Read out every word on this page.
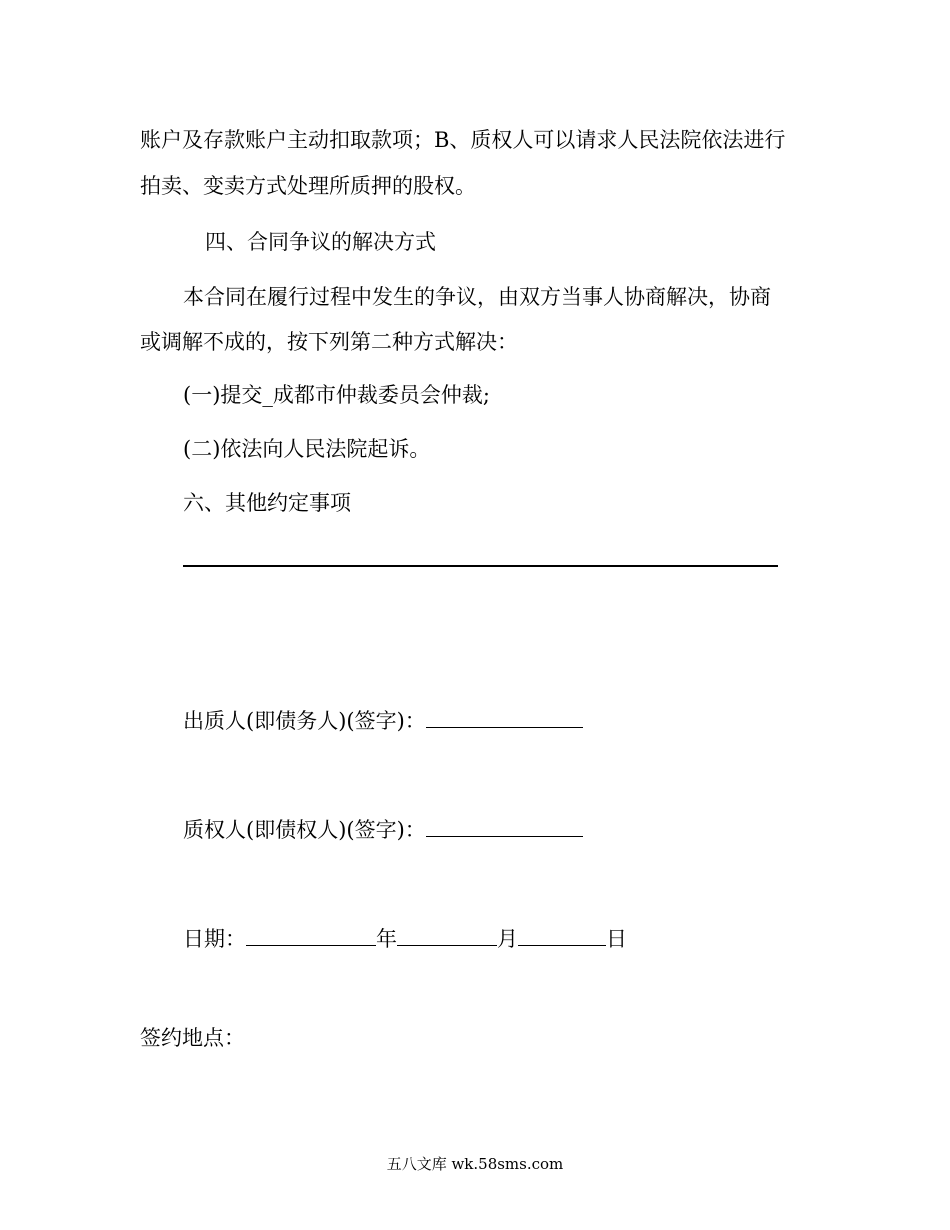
账户及存款账户主动扣取款项；B、质权人可以请求人民法院依法进行
拍卖、变卖方式处理所质押的股权。
四、合同争议的解决方式
本合同在履行过程中发生的争议，由双方当事人协商解决，协商
或调解不成的，按下列第二种方式解决：
(一)提交_成都市仲裁委员会仲裁;
(二)依法向人民法院起诉。
六、其他约定事项
出质人(即债务人)(签字)：
质权人(即债权人)(签字)：
日期：	年	月	日
签约地点：
五八文库 wk.58sms.com
